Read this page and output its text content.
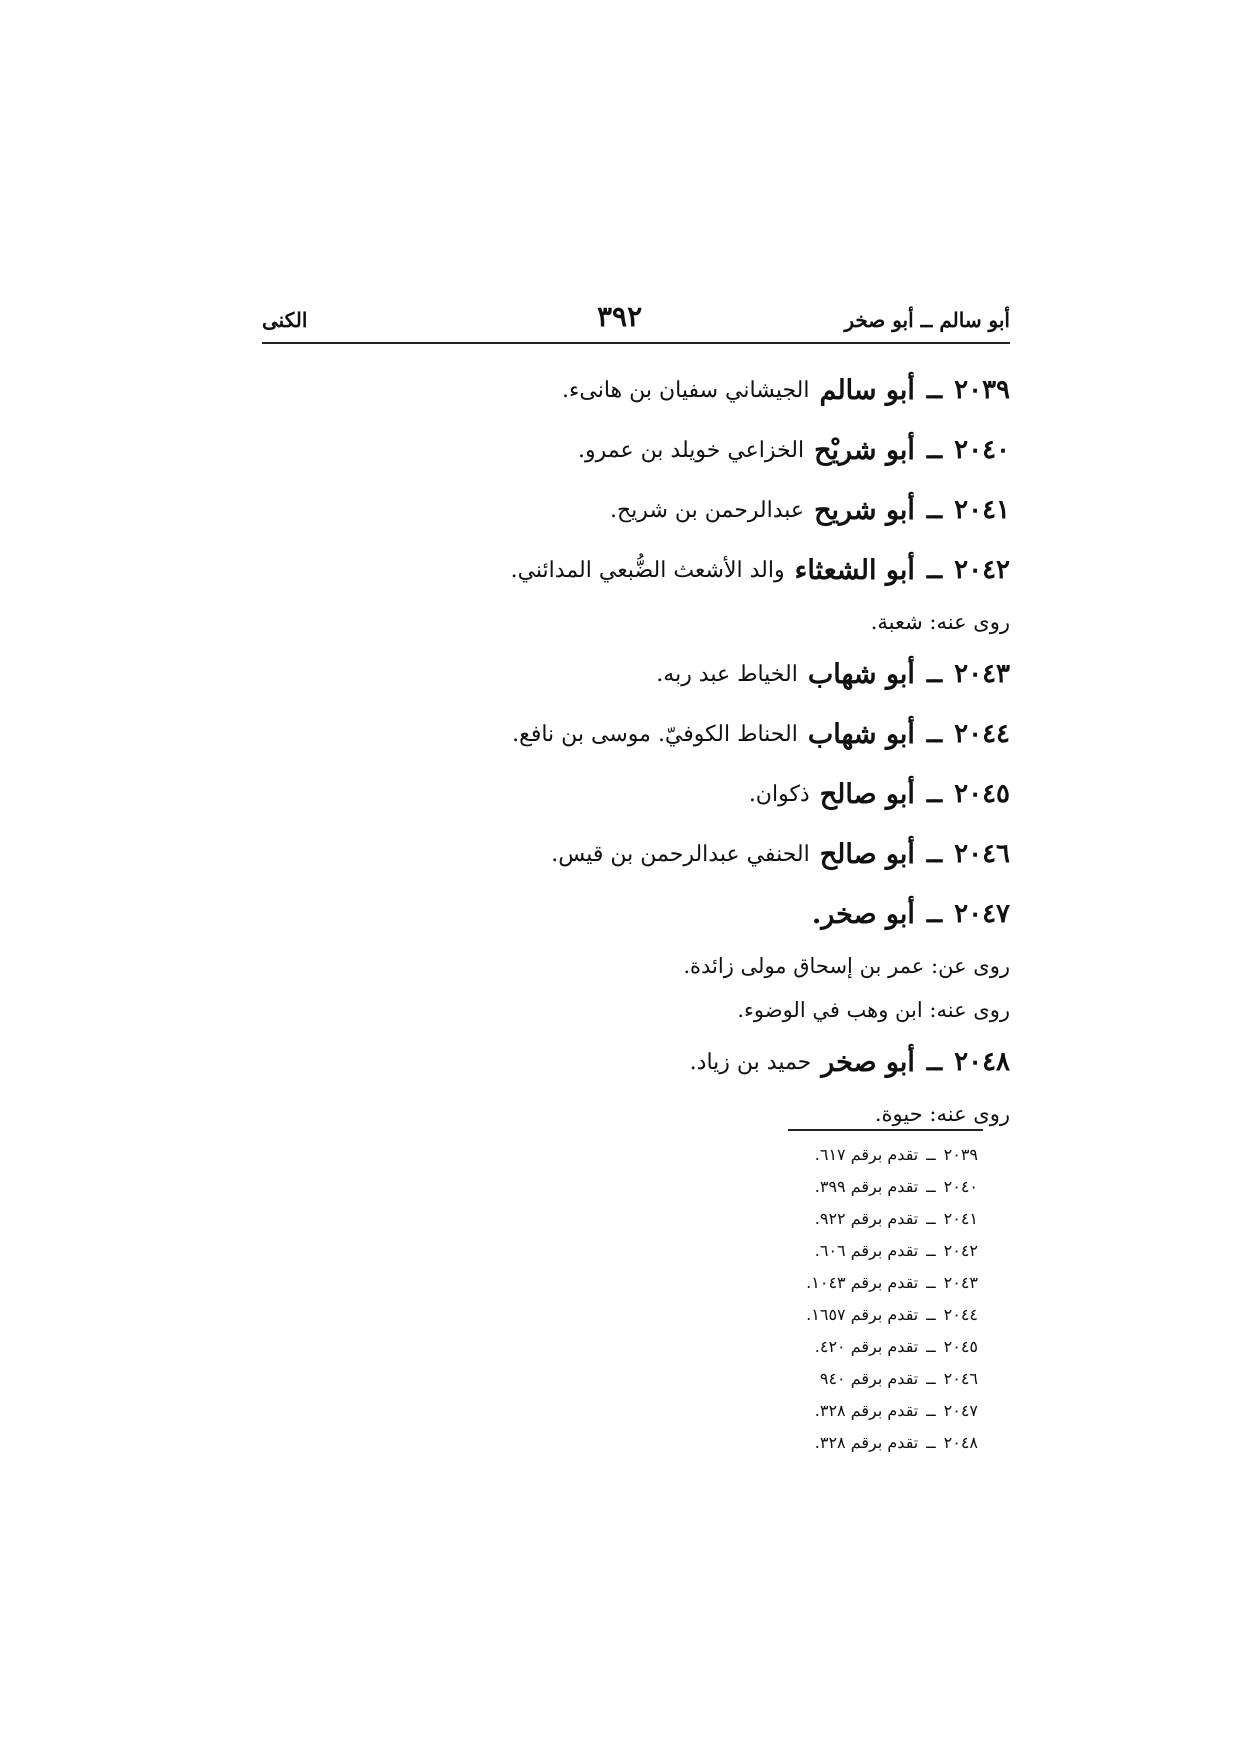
أبو سالم ــ أبو صخر
٣٩٢
الكنى
٢٠٣٩
ــ
أبو سالم
الجيشاني سفيان بن هانىء.
٢٠٤٠
ــ
أبو شريْح
الخزاعي خويلد بن عمرو.
٢٠٤١
ــ
أبو شريح
عبدالرحمن بن شريح.
٢٠٤٢
ــ
أبو الشعثاء
والد الأشعث الضُّبعي المدائني.
روى عنه: شعبة.
٢٠٤٣
ــ
أبو شهاب
الخياط عبد ربه.
٢٠٤٤
ــ
أبو شهاب
الحناط الكوفيّ. موسى بن نافع.
٢٠٤٥
ــ
أبو صالح
ذكوان.
٢٠٤٦
ــ
أبو صالح
الحنفي عبدالرحمن بن قيس.
٢٠٤٧
ــ
أبو صخر.
روى عن: عمر بن إسحاق مولى زائدة.
روى عنه: ابن وهب في الوضوء.
٢٠٤٨
ــ
أبو صخر
حميد بن زياد.
روى عنه: حيوة.
٢٠٣٩
ــ
تقدم برقم ٦١٧.
٢٠٤٠
ــ
تقدم برقم ٣٩٩.
٢٠٤١
ــ
تقدم برقم ٩٢٢.
٢٠٤٢
ــ
تقدم برقم ٦٠٦.
٢٠٤٣
ــ
تقدم برقم ١٠٤٣.
٢٠٤٤
ــ
تقدم برقم ١٦٥٧.
٢٠٤٥
ــ
تقدم برقم ٤٢٠.
٢٠٤٦
ــ
تقدم برقم ٩٤٠
٢٠٤٧
ــ
تقدم برقم ٣٢٨.
٢٠٤٨
ــ
تقدم برقم ٣٢٨.
